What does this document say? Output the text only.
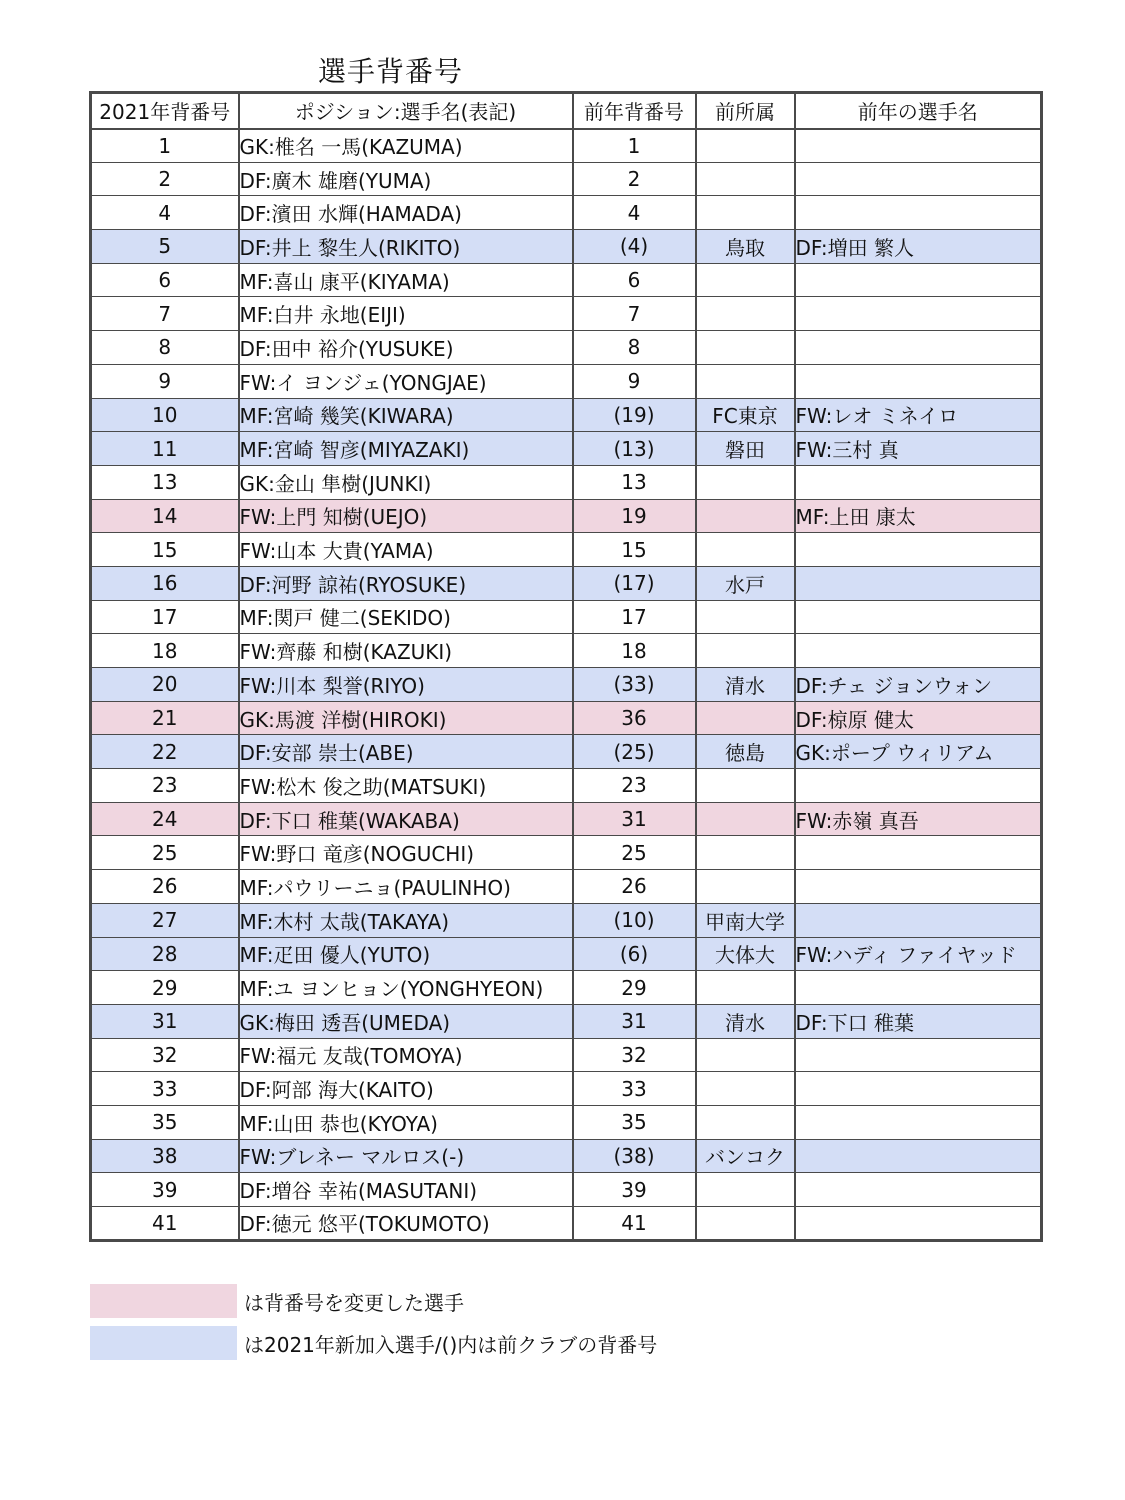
選手背番号
2021年背番号	ポジション:選手名(表記)	前年背番号	前所属	前年の選手名
1	GK:椎名 一馬(KAZUMA)	1		
2	DF:廣木 雄磨(YUMA)	2		
4	DF:濱田 水輝(HAMADA)	4		
5	DF:井上 黎生人(RIKITO)	(4)	鳥取	DF:増田 繁人
6	MF:喜山 康平(KIYAMA)	6		
7	MF:白井 永地(EIJI)	7		
8	DF:田中 裕介(YUSUKE)	8		
9	FW:イ ヨンジェ(YONGJAE)	9		
10	MF:宮崎 幾笑(KIWARA)	(19)	FC東京	FW:レオ ミネイロ
11	MF:宮崎 智彦(MIYAZAKI)	(13)	磐田	FW:三村 真
13	GK:金山 隼樹(JUNKI)	13		
14	FW:上門 知樹(UEJO)	19		MF:上田 康太
15	FW:山本 大貴(YAMA)	15		
16	DF:河野 諒祐(RYOSUKE)	(17)	水戸	
17	MF:関戸 健二(SEKIDO)	17		
18	FW:齊藤 和樹(KAZUKI)	18		
20	FW:川本 梨誉(RIYO)	(33)	清水	DF:チェ ジョンウォン
21	GK:馬渡 洋樹(HIROKI)	36		DF:椋原 健太
22	DF:安部 崇士(ABE)	(25)	徳島	GK:ポープ ウィリアム
23	FW:松木 俊之助(MATSUKI)	23		
24	DF:下口 稚葉(WAKABA)	31		FW:赤嶺 真吾
25	FW:野口 竜彦(NOGUCHI)	25		
26	MF:パウリーニョ(PAULINHO)	26		
27	MF:木村 太哉(TAKAYA)	(10)	甲南大学	
28	MF:疋田 優人(YUTO)	(6)	大体大	FW:ハディ ファイヤッド
29	MF:ユ ヨンヒョン(YONGHYEON)	29		
31	GK:梅田 透吾(UMEDA)	31	清水	DF:下口 稚葉
32	FW:福元 友哉(TOMOYA)	32		
33	DF:阿部 海大(KAITO)	33		
35	MF:山田 恭也(KYOYA)	35		
38	FW:ブレネー マルロス(-)	(38)	バンコク	
39	DF:増谷 幸祐(MASUTANI)	39		
41	DF:徳元 悠平(TOKUMOTO)	41		
は背番号を変更した選手
は2021年新加入選手/()内は前クラブの背番号
